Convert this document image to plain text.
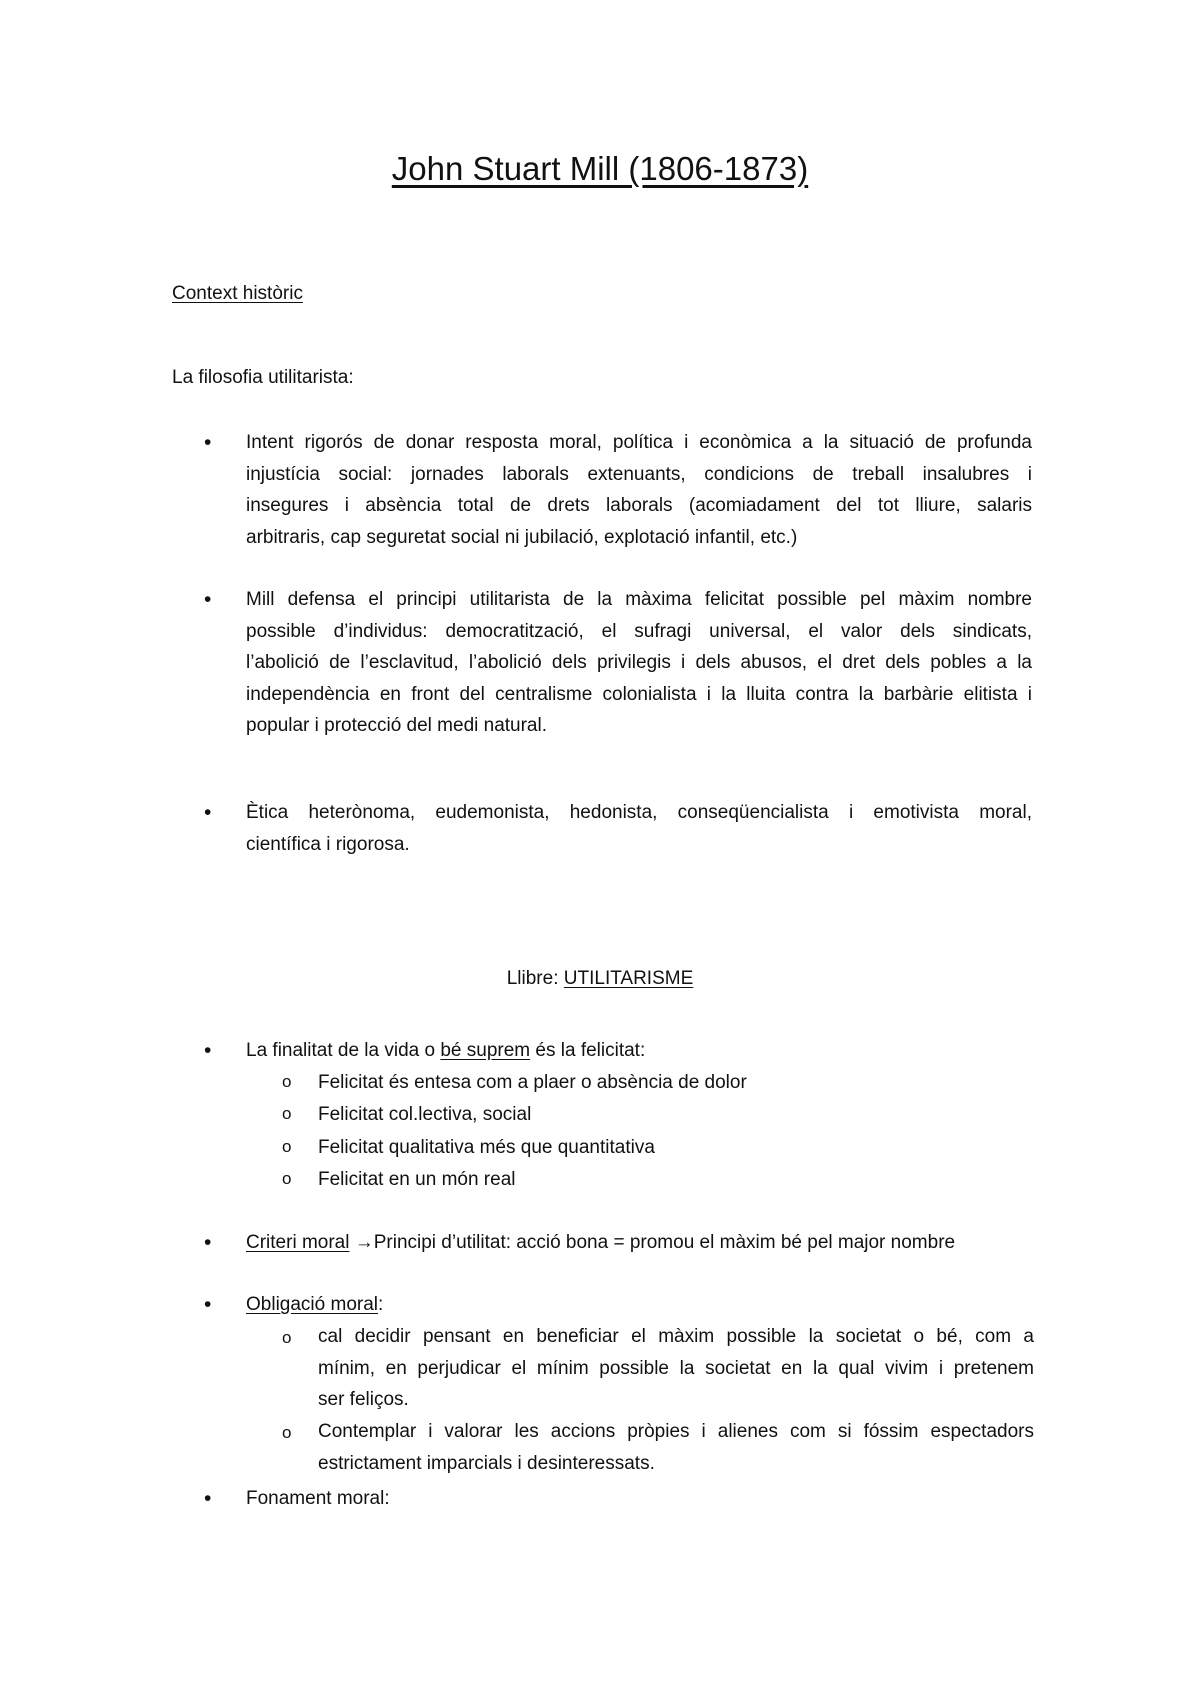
John Stuart Mill (1806-1873)
Context històric
La filosofia utilitarista:
• Intent rigorós de donar resposta moral, política i econòmica a la situació de profunda
injustícia social: jornades laborals extenuants, condicions de treball insalubres i
insegures i absència total de drets laborals (acomiadament del tot lliure, salaris
arbitraris, cap seguretat social ni jubilació, explotació infantil, etc.)
• Mill defensa el principi utilitarista de la màxima felicitat possible pel màxim nombre
possible d’individus: democratització, el sufragi universal, el valor dels sindicats,
l’abolició de l’esclavitud, l’abolició dels privilegis i dels abusos, el dret dels pobles a la
independència en front del centralisme colonialista i la lluita contra la barbàrie elitista i
popular i protecció del medi natural.
• Ètica heterònoma, eudemonista, hedonista, conseqüencialista i emotivista moral,
científica i rigorosa.
Llibre: UTILITARISME
• La finalitat de la vida o bé suprem és la felicitat:
o Felicitat és entesa com a plaer o absència de dolor
o Felicitat col.lectiva, social
o Felicitat qualitativa més que quantitativa
o Felicitat en un món real
• Criteri moral →Principi d’utilitat: acció bona = promou el màxim bé pel major nombre
• Obligació moral:
o cal decidir pensant en beneficiar el màxim possible la societat o bé, com a
mínim, en perjudicar el mínim possible la societat en la qual vivim i pretenem
ser feliços.
o Contemplar i valorar les accions pròpies i alienes com si fóssim espectadors
estrictament imparcials i desinteressats.
• Fonament moral:
